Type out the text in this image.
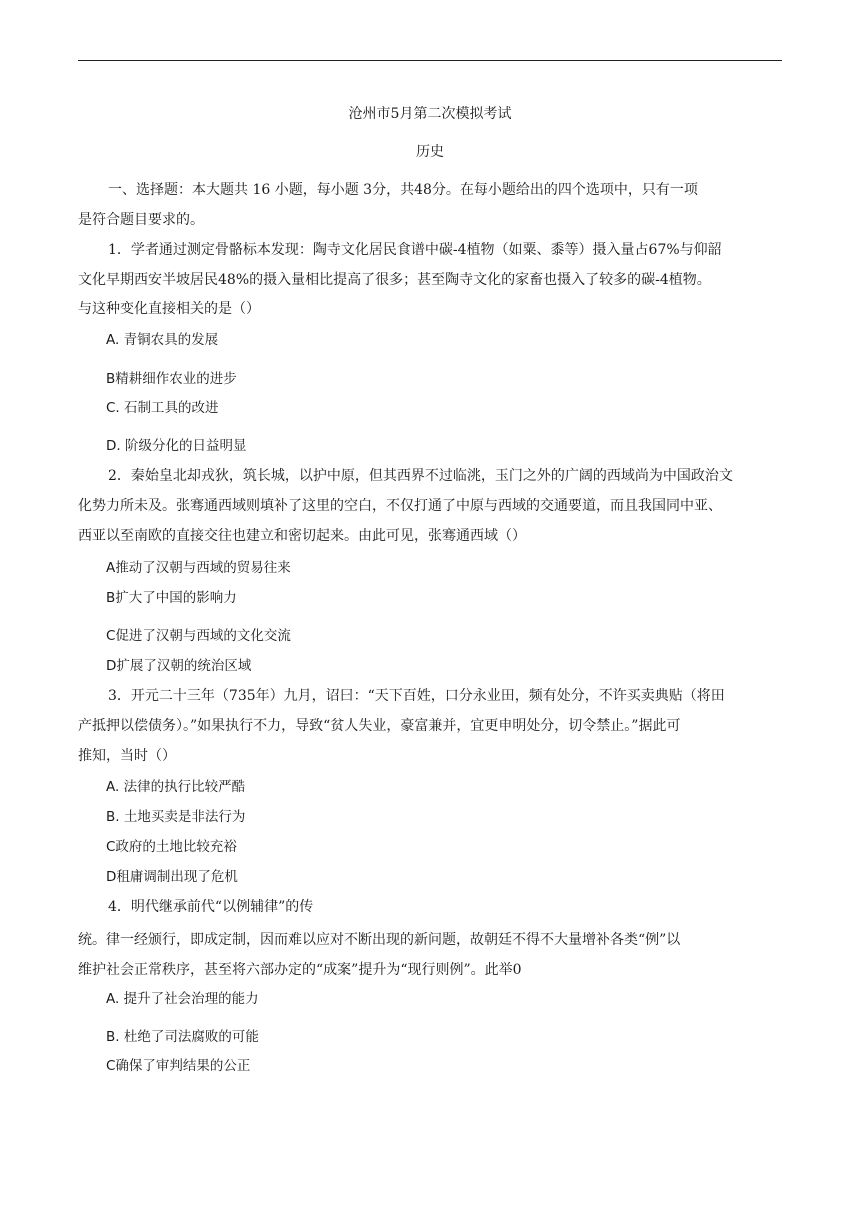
沧州市5月第二次模拟考试
历史
一、选择题：本大题共 16 小题，每小题 3分，共48分。在每小题给出的四个选项中，只有一项
是符合题目要求的。
1．学者通过测定骨骼标本发现：陶寺文化居民食谱中碳-4植物（如粟、黍等）摄入量占67%与仰韶
文化早期西安半坡居民48%的摄入量相比提高了很多；甚至陶寺文化的家畜也摄入了较多的碳-4植物。
与这种变化直接相关的是（）
A. 青铜农具的发展
B精耕细作农业的进步
C. 石制工具的改进
D. 阶级分化的日益明显
2．秦始皇北却戎狄，筑长城，以护中原，但其西界不过临洮，玉门之外的广阔的西域尚为中国政治文
化势力所未及。张骞通西域则填补了这里的空白，不仅打通了中原与西域的交通要道，而且我国同中亚、
西亚以至南欧的直接交往也建立和密切起来。由此可见，张骞通西域（）
A推动了汉朝与西域的贸易往来
B扩大了中国的影响力
C促进了汉朝与西域的文化交流
D扩展了汉朝的统治区域
3．开元二十三年（735年）九月，诏曰：“天下百姓，口分永业田，频有处分，不许买卖典贴（将田
产抵押以偿债务）。”如果执行不力，导致“贫人失业，豪富兼并，宜更申明处分，切令禁止。”据此可
推知，当时（）
A. 法律的执行比较严酷
B. 土地买卖是非法行为
C政府的土地比较充裕
D租庸调制出现了危机
4．明代继承前代“以例辅律”的传
统。律一经颁行，即成定制，因而难以应对不断出现的新问题，故朝廷不得不大量增补各类“例”以
维护社会正常秩序，甚至将六部办定的“成案”提升为“现行则例”。此举0
A. 提升了社会治理的能力
B. 杜绝了司法腐败的可能
C确保了审判结果的公正
